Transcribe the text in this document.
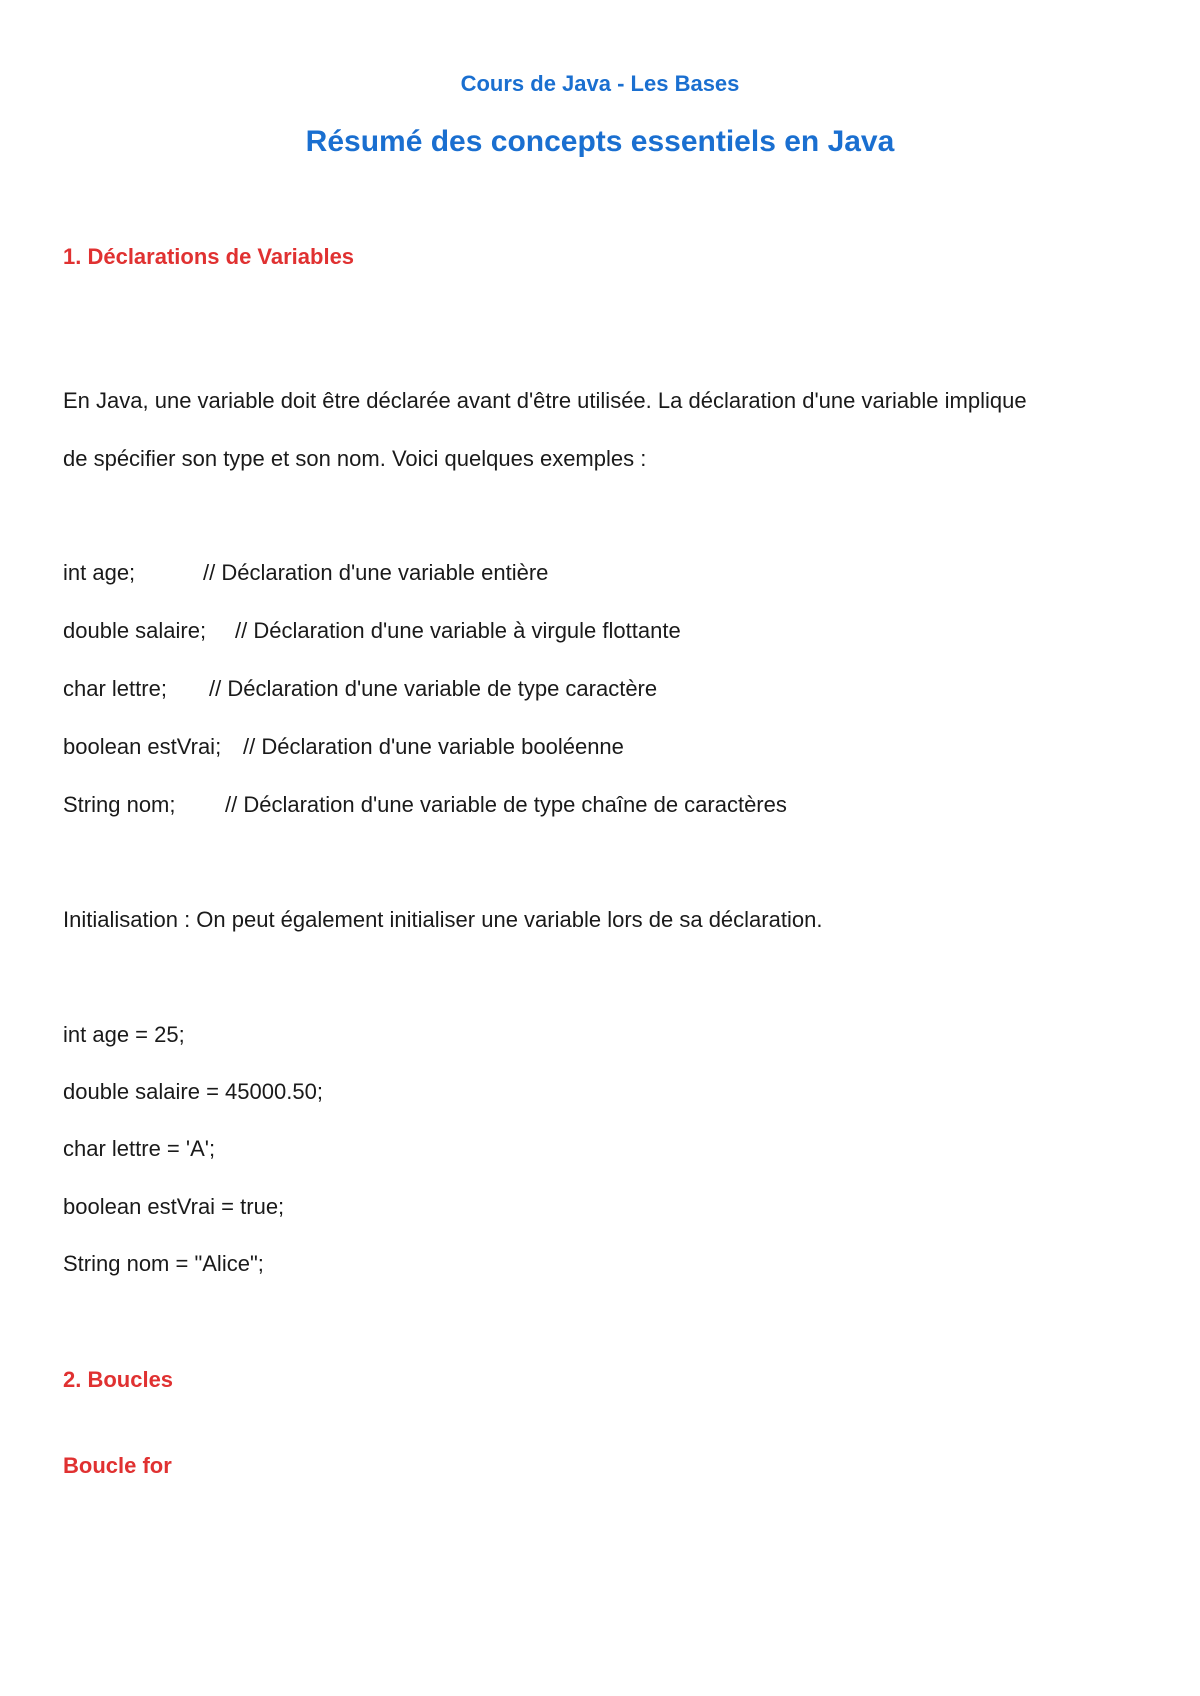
Cours de Java - Les Bases
Résumé des concepts essentiels en Java
1. Déclarations de Variables

En Java, une variable doit être déclarée avant d'être utilisée. La déclaration d'une variable implique

de spécifier son type et son nom. Voici quelques exemples :

int age;	// Déclaration d'une variable entière
double salaire; // Déclaration d'une variable à virgule flottante
char lettre; // Déclaration d'une variable de type caractère
boolean estVrai; // Déclaration d'une variable booléenne
String nom; // Déclaration d'une variable de type chaîne de caractères

Initialisation : On peut également initialiser une variable lors de sa déclaration.

int age = 25;
double salaire = 45000.50;
char lettre = 'A';
boolean estVrai = true;
String nom = "Alice";
2. Boucles
Boucle for
